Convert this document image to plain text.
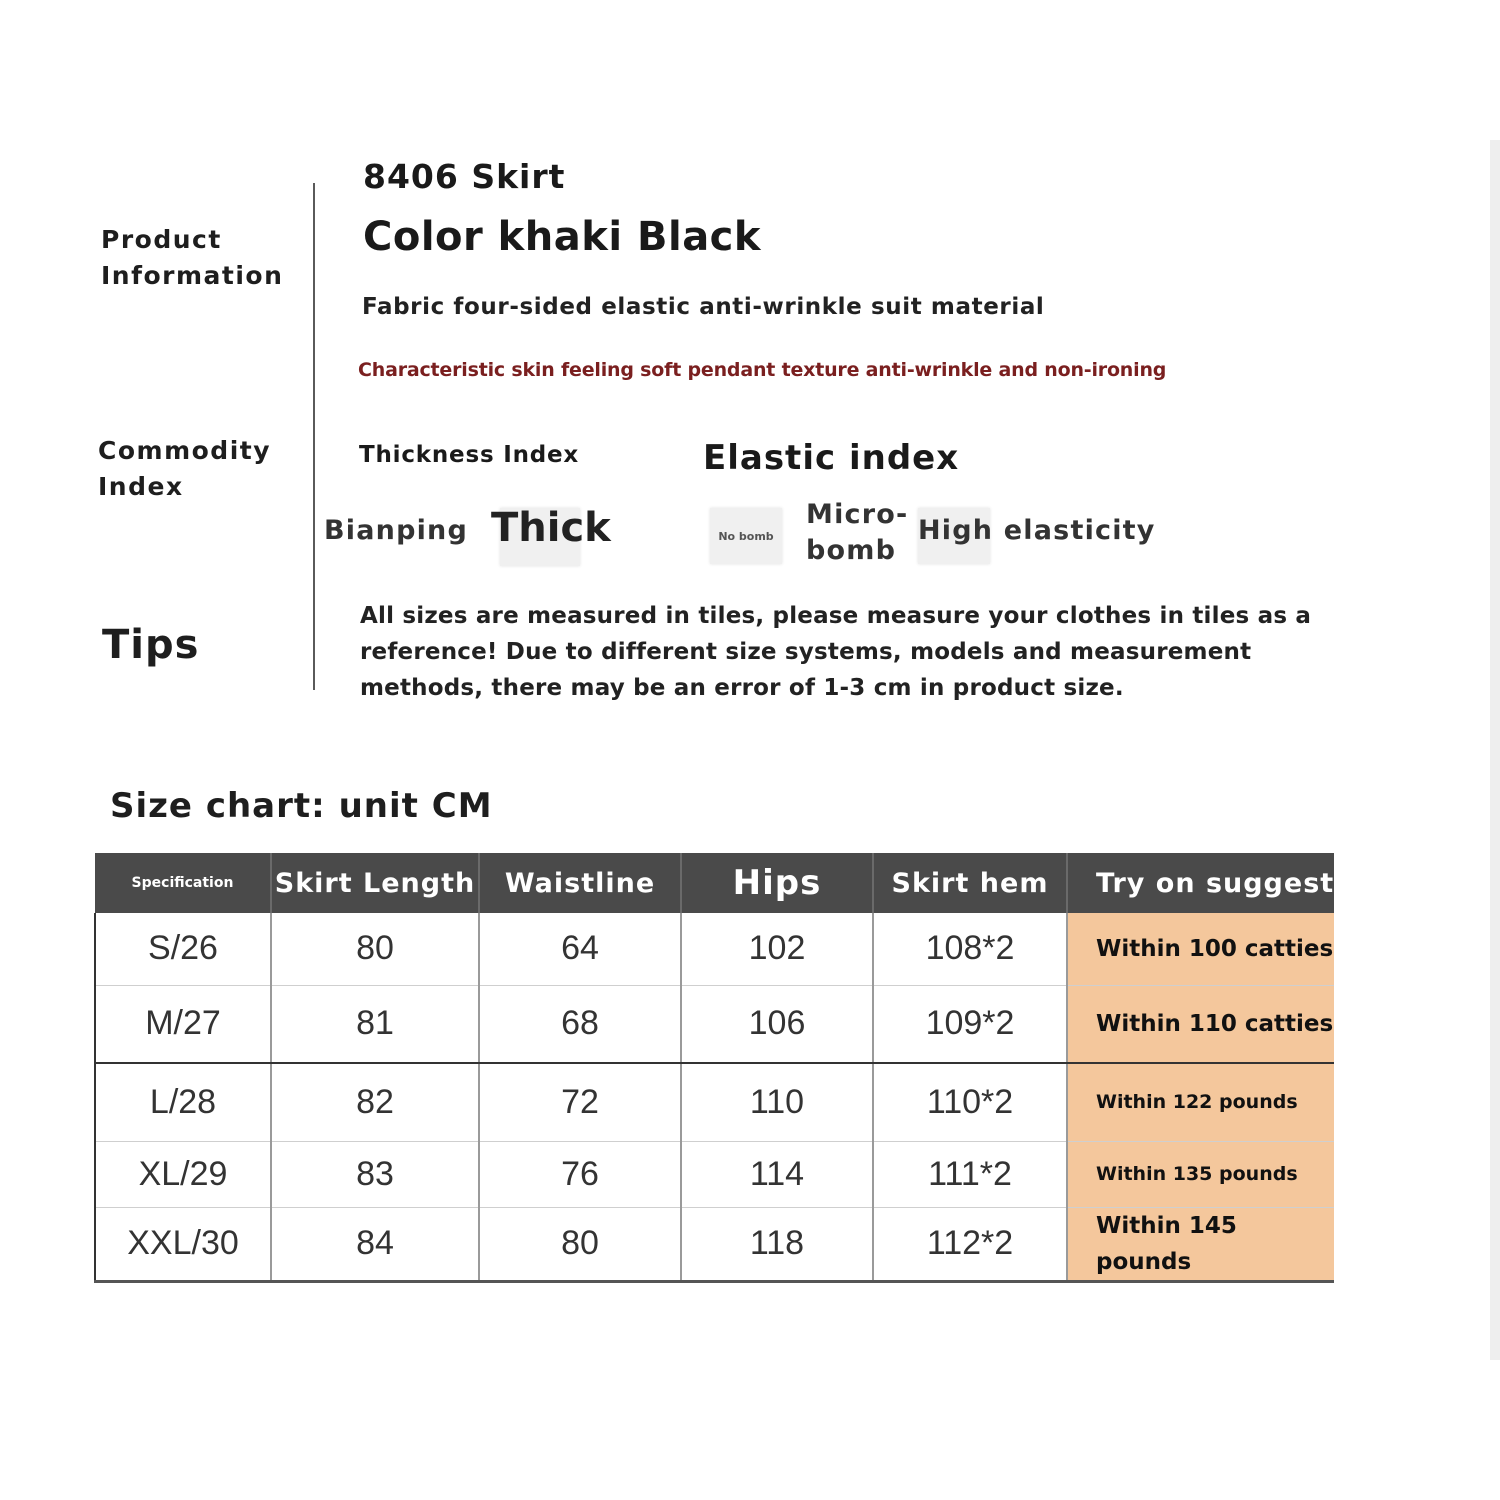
Product
Information
Commodity
Index
Tips
8406 Skirt
Color khaki Black
Fabric four-sided elastic anti-wrinkle suit material
Characteristic skin feeling soft pendant texture anti-wrinkle and non-ironing
Thickness Index	Elastic index
Bianping Thick	No bomb
Micro-
bomb
High elasticity
All sizes are measured in tiles, please measure your clothes in tiles as a
reference! Due to different size systems, models and measurement
methods, there may be an error of 1-3 cm in product size.
Size chart: unit CM
Specification	Skirt Length	Waistline	Hips	Skirt hem	Try on suggest
S/26	80	64	102	108*2	Within 100 catties
M/27	81	68	106	109*2	Within 110 catties
L/28	82	72	110	110*2	Within 122 pounds
XL/29	83	76	114	111*2	Within 135 pounds
XXL/30	84	80	118	112*2	Within 145 pounds
